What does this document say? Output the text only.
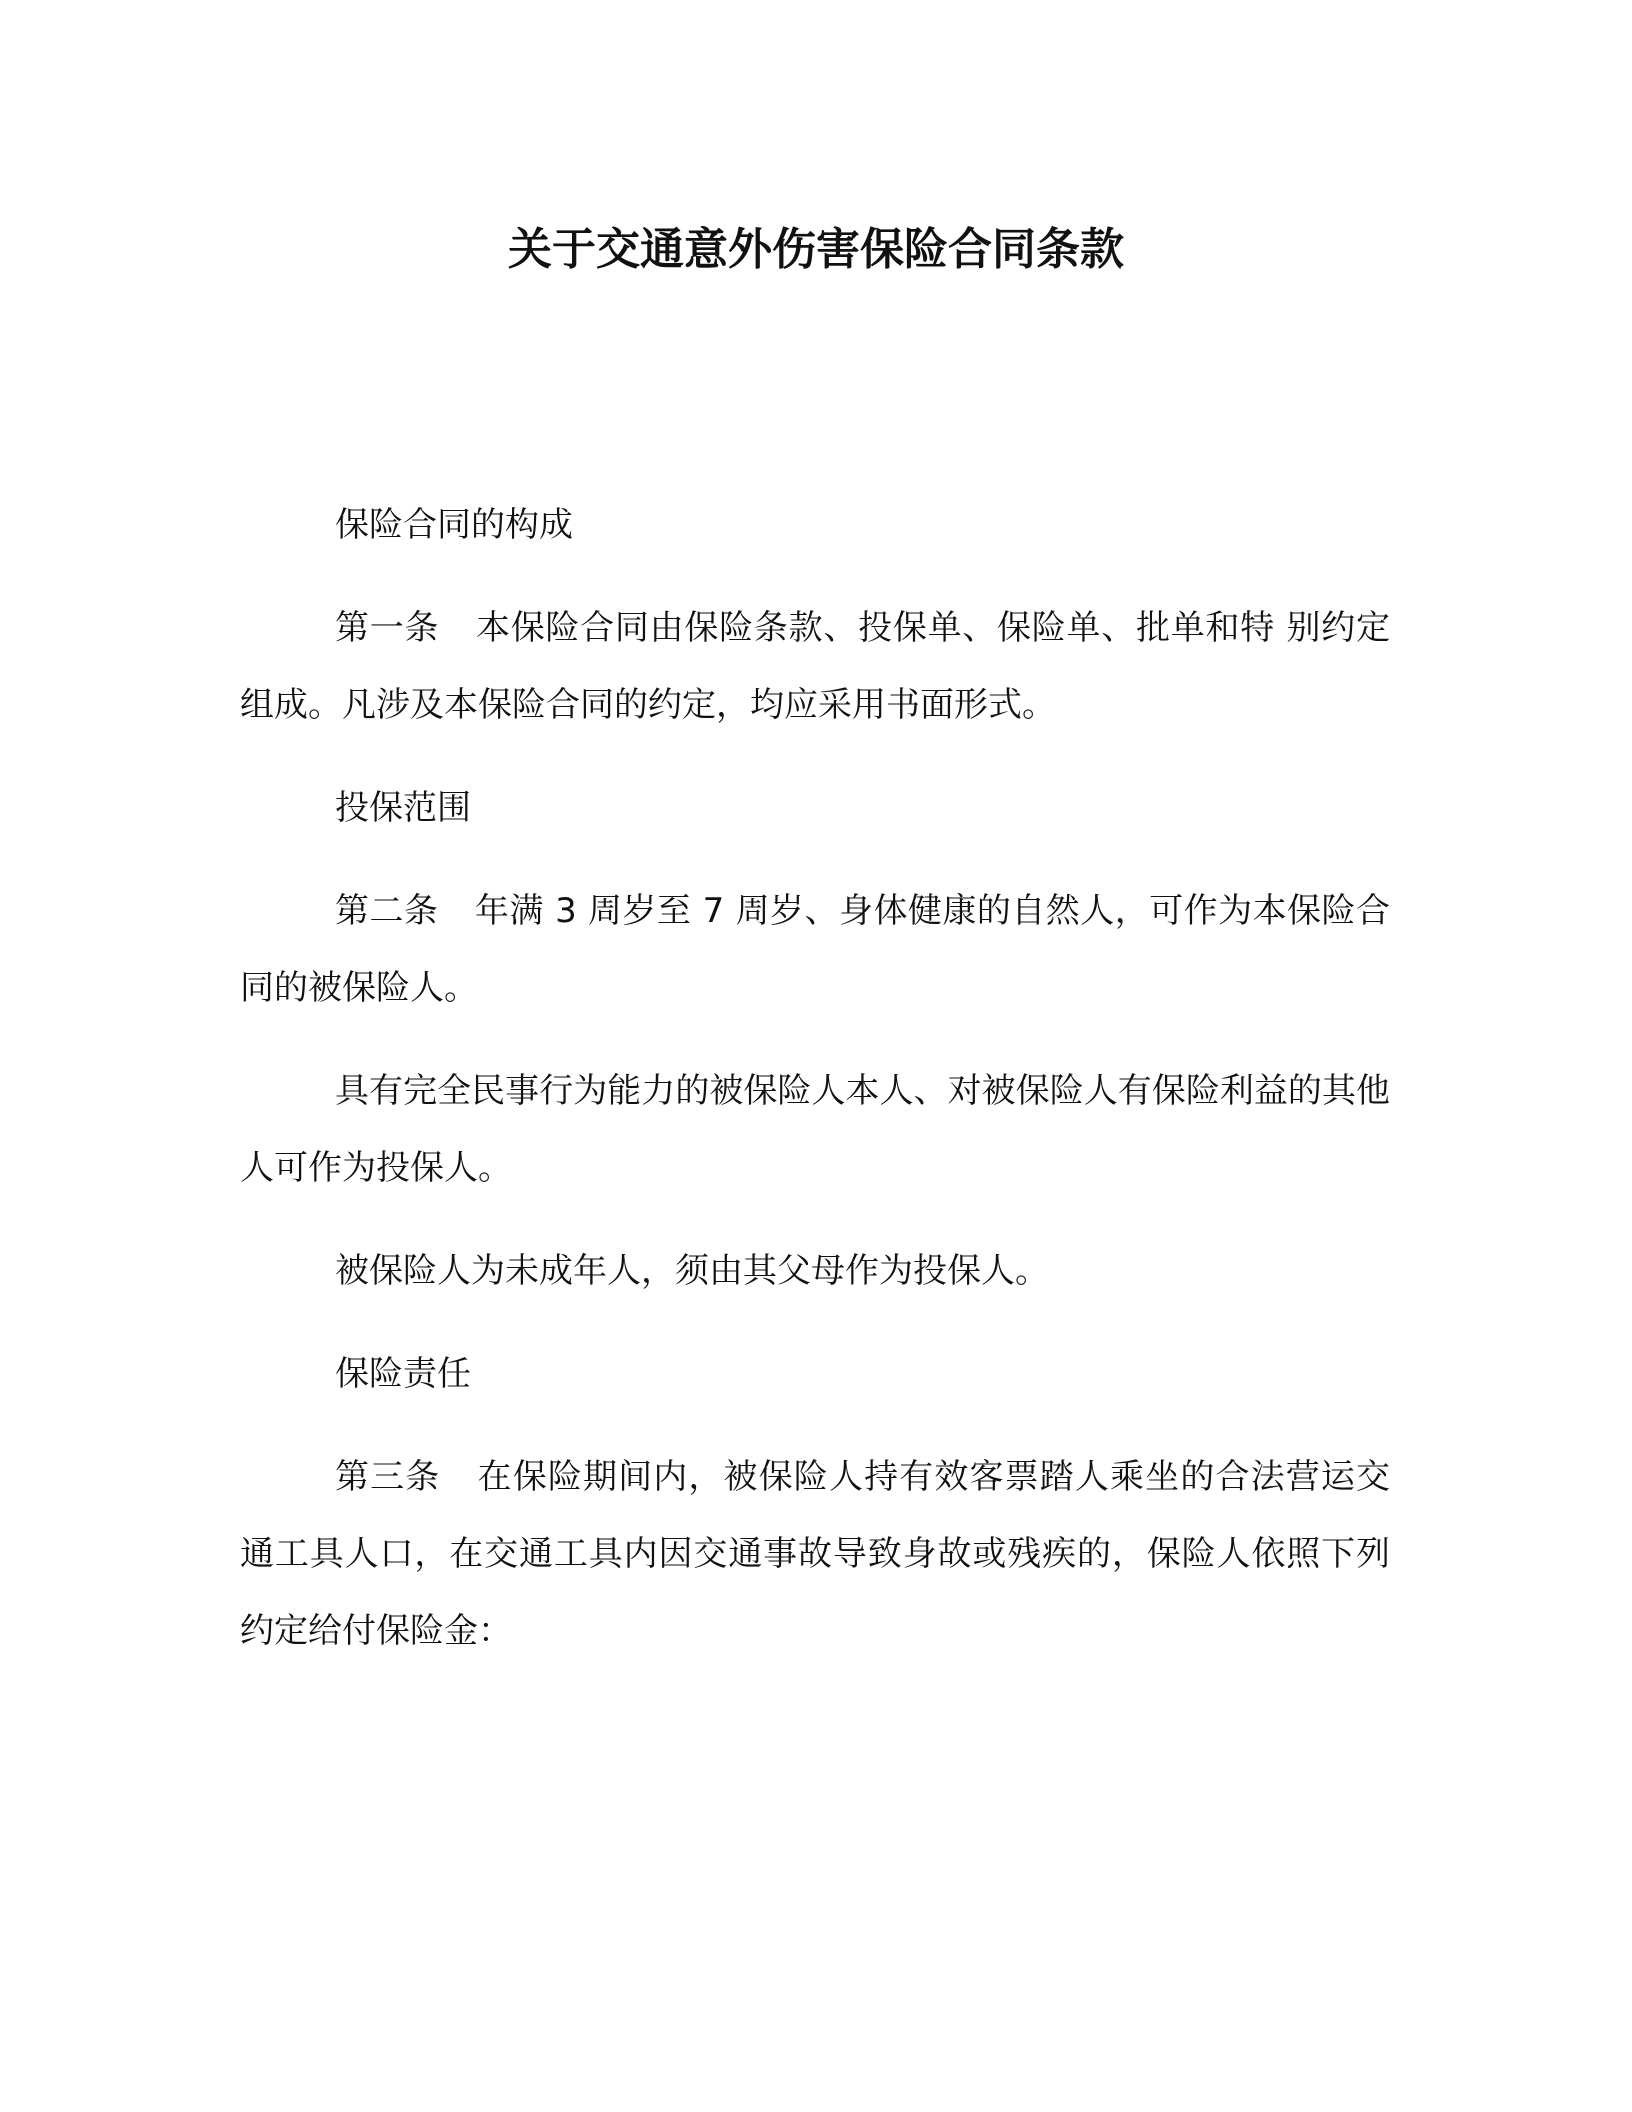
关于交通意外伤害保险合同条款

保险合同的构成

第一条 本保险合同由保险条款、投保单、保险单、批单和特 别约定组成。凡涉及本保险合同的约定，均应采用书面形式。

投保范围

第二条 年满 3 周岁至 7 周岁、身体健康的自然人，可作为本保险合同的被保险人。

具有完全民事行为能力的被保险人本人、对被保险人有保险利益的其他人可作为投保人。

被保险人为未成年人，须由其父母作为投保人。

保险责任

第三条 在保险期间内，被保险人持有效客票踏人乘坐的合法营运交通工具人口，在交通工具内因交通事故导致身故或残疾的，保险人依照下列约定给付保险金：
